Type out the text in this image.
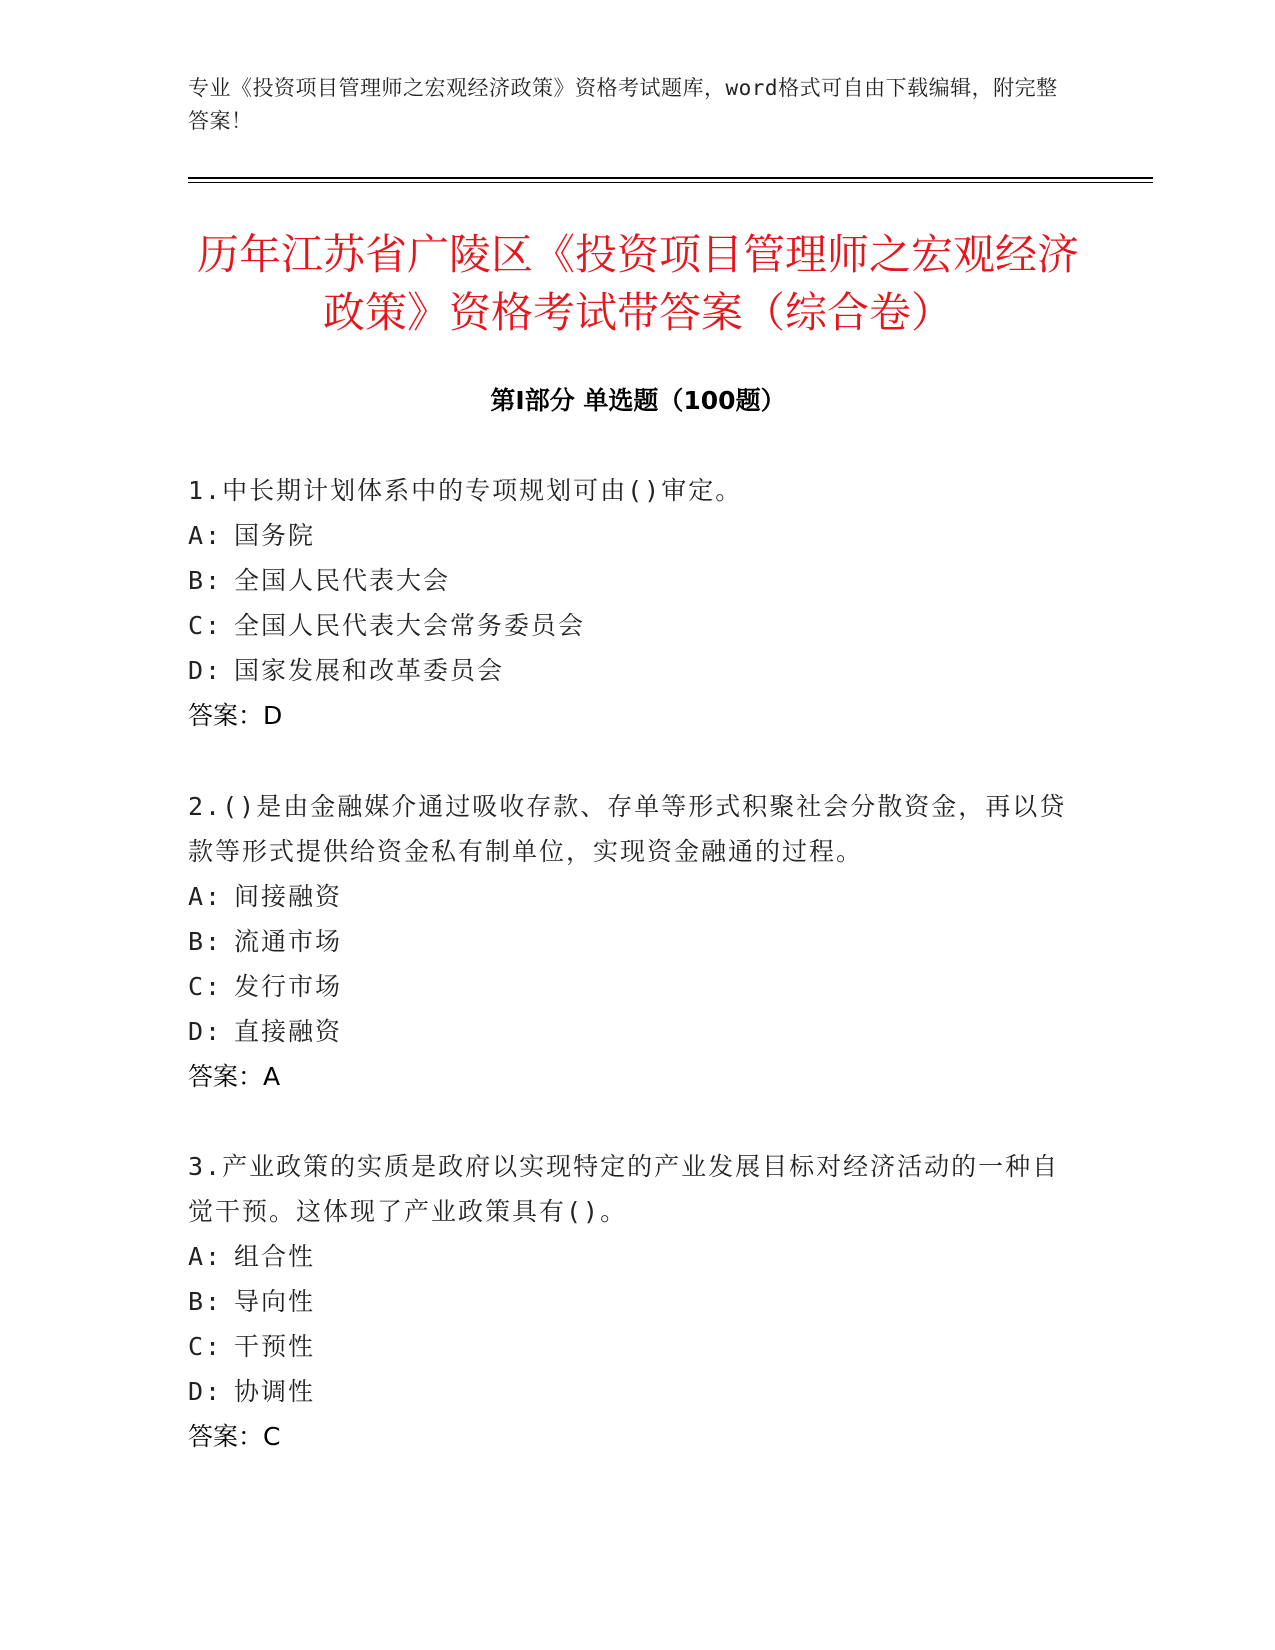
专业《投资项目管理师之宏观经济政策》资格考试题库，word格式可自由下载编辑，附完整答案！
历年江苏省广陵区《投资项目管理师之宏观经济政策》资格考试带答案（综合卷）
第Ⅰ部分 单选题（100题）

1.中长期计划体系中的专项规划可由()审定。

A: 国务院

B: 全国人民代表大会

C: 全国人民代表大会常务委员会

D: 国家发展和改革委员会

答案：D

2.()是由金融媒介通过吸收存款、存单等形式积聚社会分散资金，再以贷款等形式提供给资金私有制单位，实现资金融通的过程。

A: 间接融资

B: 流通市场

C: 发行市场

D: 直接融资

答案：A

3.产业政策的实质是政府以实现特定的产业发展目标对经济活动的一种自觉干预。这体现了产业政策具有()。

A: 组合性

B: 导向性

C: 干预性

D: 协调性

答案：C
